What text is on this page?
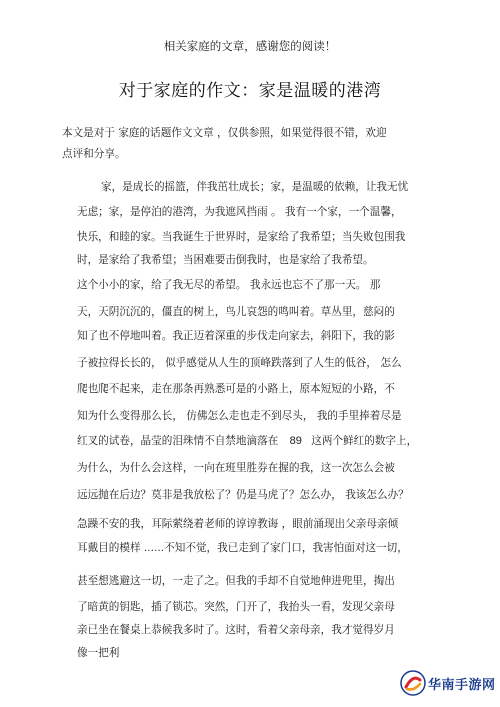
相关家庭的文章，感谢您的阅读！
对于家庭的作文：家是温暖的港湾
本文是对于 家庭的话题作文文章 ，仅供参照，如果觉得很不错，欢迎
点评和分享。
家，是成长的摇篮，伴我茁壮成长；家，是温暖的依赖，让我无忧
无虑；家，是停泊的港湾，为我遮风挡雨 。 我有一个家，一个温馨，
快乐，和睦的家。当我诞生于世界时，是家给了我希望；当失败包围我
时，是家给了我希望；当困难要击倒我时，也是家给了我希望。
这个小小的家，给了我无尽的希望。 我永远也忘不了那一天。 那
天，天阴沉沉的，僵直的树上，鸟儿哀怨的鸣叫着。草丛里，慈闷的
知了也不停地叫着。我正迈着深重的步伐走向家去，斜阳下，我的影
子被拉得长长的， 似乎感觉从人生的顶峰跌落到了人生的低谷， 怎么
爬也爬不起来，走在那条再熟悉可是的小路上，原本短短的小路，不
知为什么变得那么长， 仿佛怎么走也走不到尽头， 我的手里捧着尽是
红叉的试卷，晶莹的泪珠情不自禁地滴落在 89 这两个鲜红的数字上，
为什么，为什么会这样，一向在班里胜券在握的我，这一次怎么会被
远远抛在后边？莫非是我放松了？仍是马虎了？怎么办， 我该怎么办？
急躁不安的我，耳际萦绕着老师的谆谆教诲 ，眼前涌现出父亲母亲倾
耳戴目的模样 ......不知不觉，我已走到了家门口，我害怕面对这一切，
甚至想逃避这一切，一走了之。但我的手却不自觉地伸进兜里，掏出
了暗黄的钥匙，插了锁芯。突然，门开了，我抬头一看，发现父亲母
亲已坐在餐桌上恭候我多时了。这时，看着父亲母亲，我才觉得岁月
像一把利
华南手游网
